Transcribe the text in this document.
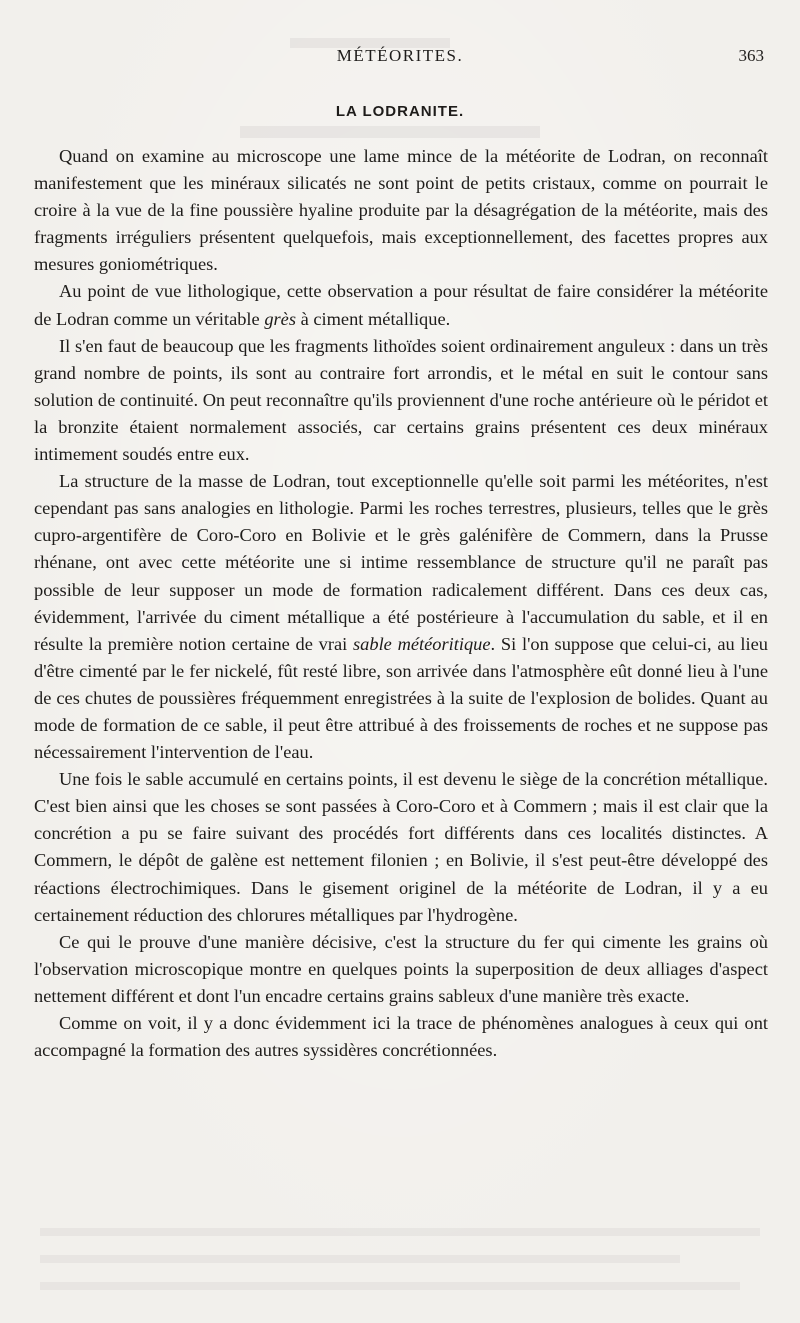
MÉTÉORITES.	363
LA LODRANITE.

Quand on examine au microscope une lame mince de la météorite de Lodran, on reconnaît manifestement que les minéraux silicatés ne sont point de petits cristaux, comme on pourrait le croire à la vue de la fine poussière hyaline produite par la désagrégation de la météorite, mais des fragments irréguliers présentent quelquefois, mais exceptionnellement, des facettes propres aux mesures goniométriques.

Au point de vue lithologique, cette observation a pour résultat de faire considérer la météorite de Lodran comme un véritable grès à ciment métallique.

Il s'en faut de beaucoup que les fragments lithoïdes soient ordinairement anguleux : dans un très grand nombre de points, ils sont au contraire fort arrondis, et le métal en suit le contour sans solution de continuité. On peut reconnaître qu'ils proviennent d'une roche antérieure où le péridot et la bronzite étaient normalement associés, car certains grains présentent ces deux minéraux intimement soudés entre eux.

La structure de la masse de Lodran, tout exceptionnelle qu'elle soit parmi les météorites, n'est cependant pas sans analogies en lithologie. Parmi les roches terrestres, plusieurs, telles que le grès cupro-argentifère de Coro-Coro en Bolivie et le grès galénifère de Commern, dans la Prusse rhénane, ont avec cette météorite une si intime ressemblance de structure qu'il ne paraît pas possible de leur supposer un mode de formation radicalement différent. Dans ces deux cas, évidemment, l'arrivée du ciment métallique a été postérieure à l'accumulation du sable, et il en résulte la première notion certaine de vrai sable météoritique. Si l'on suppose que celui-ci, au lieu d'être cimenté par le fer nickelé, fût resté libre, son arrivée dans l'atmosphère eût donné lieu à l'une de ces chutes de poussières fréquemment enregistrées à la suite de l'explosion de bolides. Quant au mode de formation de ce sable, il peut être attribué à des froissements de roches et ne suppose pas nécessairement l'intervention de l'eau.

Une fois le sable accumulé en certains points, il est devenu le siège de la concrétion métallique. C'est bien ainsi que les choses se sont passées à Coro-Coro et à Commern ; mais il est clair que la concrétion a pu se faire suivant des procédés fort différents dans ces localités distinctes. A Commern, le dépôt de galène est nettement filonien ; en Bolivie, il s'est peut-être développé des réactions électrochimiques. Dans le gisement originel de la météorite de Lodran, il y a eu certainement réduction des chlorures métalliques par l'hydrogène.

Ce qui le prouve d'une manière décisive, c'est la structure du fer qui cimente les grains où l'observation microscopique montre en quelques points la superposition de deux alliages d'aspect nettement différent et dont l'un encadre certains grains sableux d'une manière très exacte.

Comme on voit, il y a donc évidemment ici la trace de phénomènes analogues à ceux qui ont accompagné la formation des autres syssidères concrétionnées.
